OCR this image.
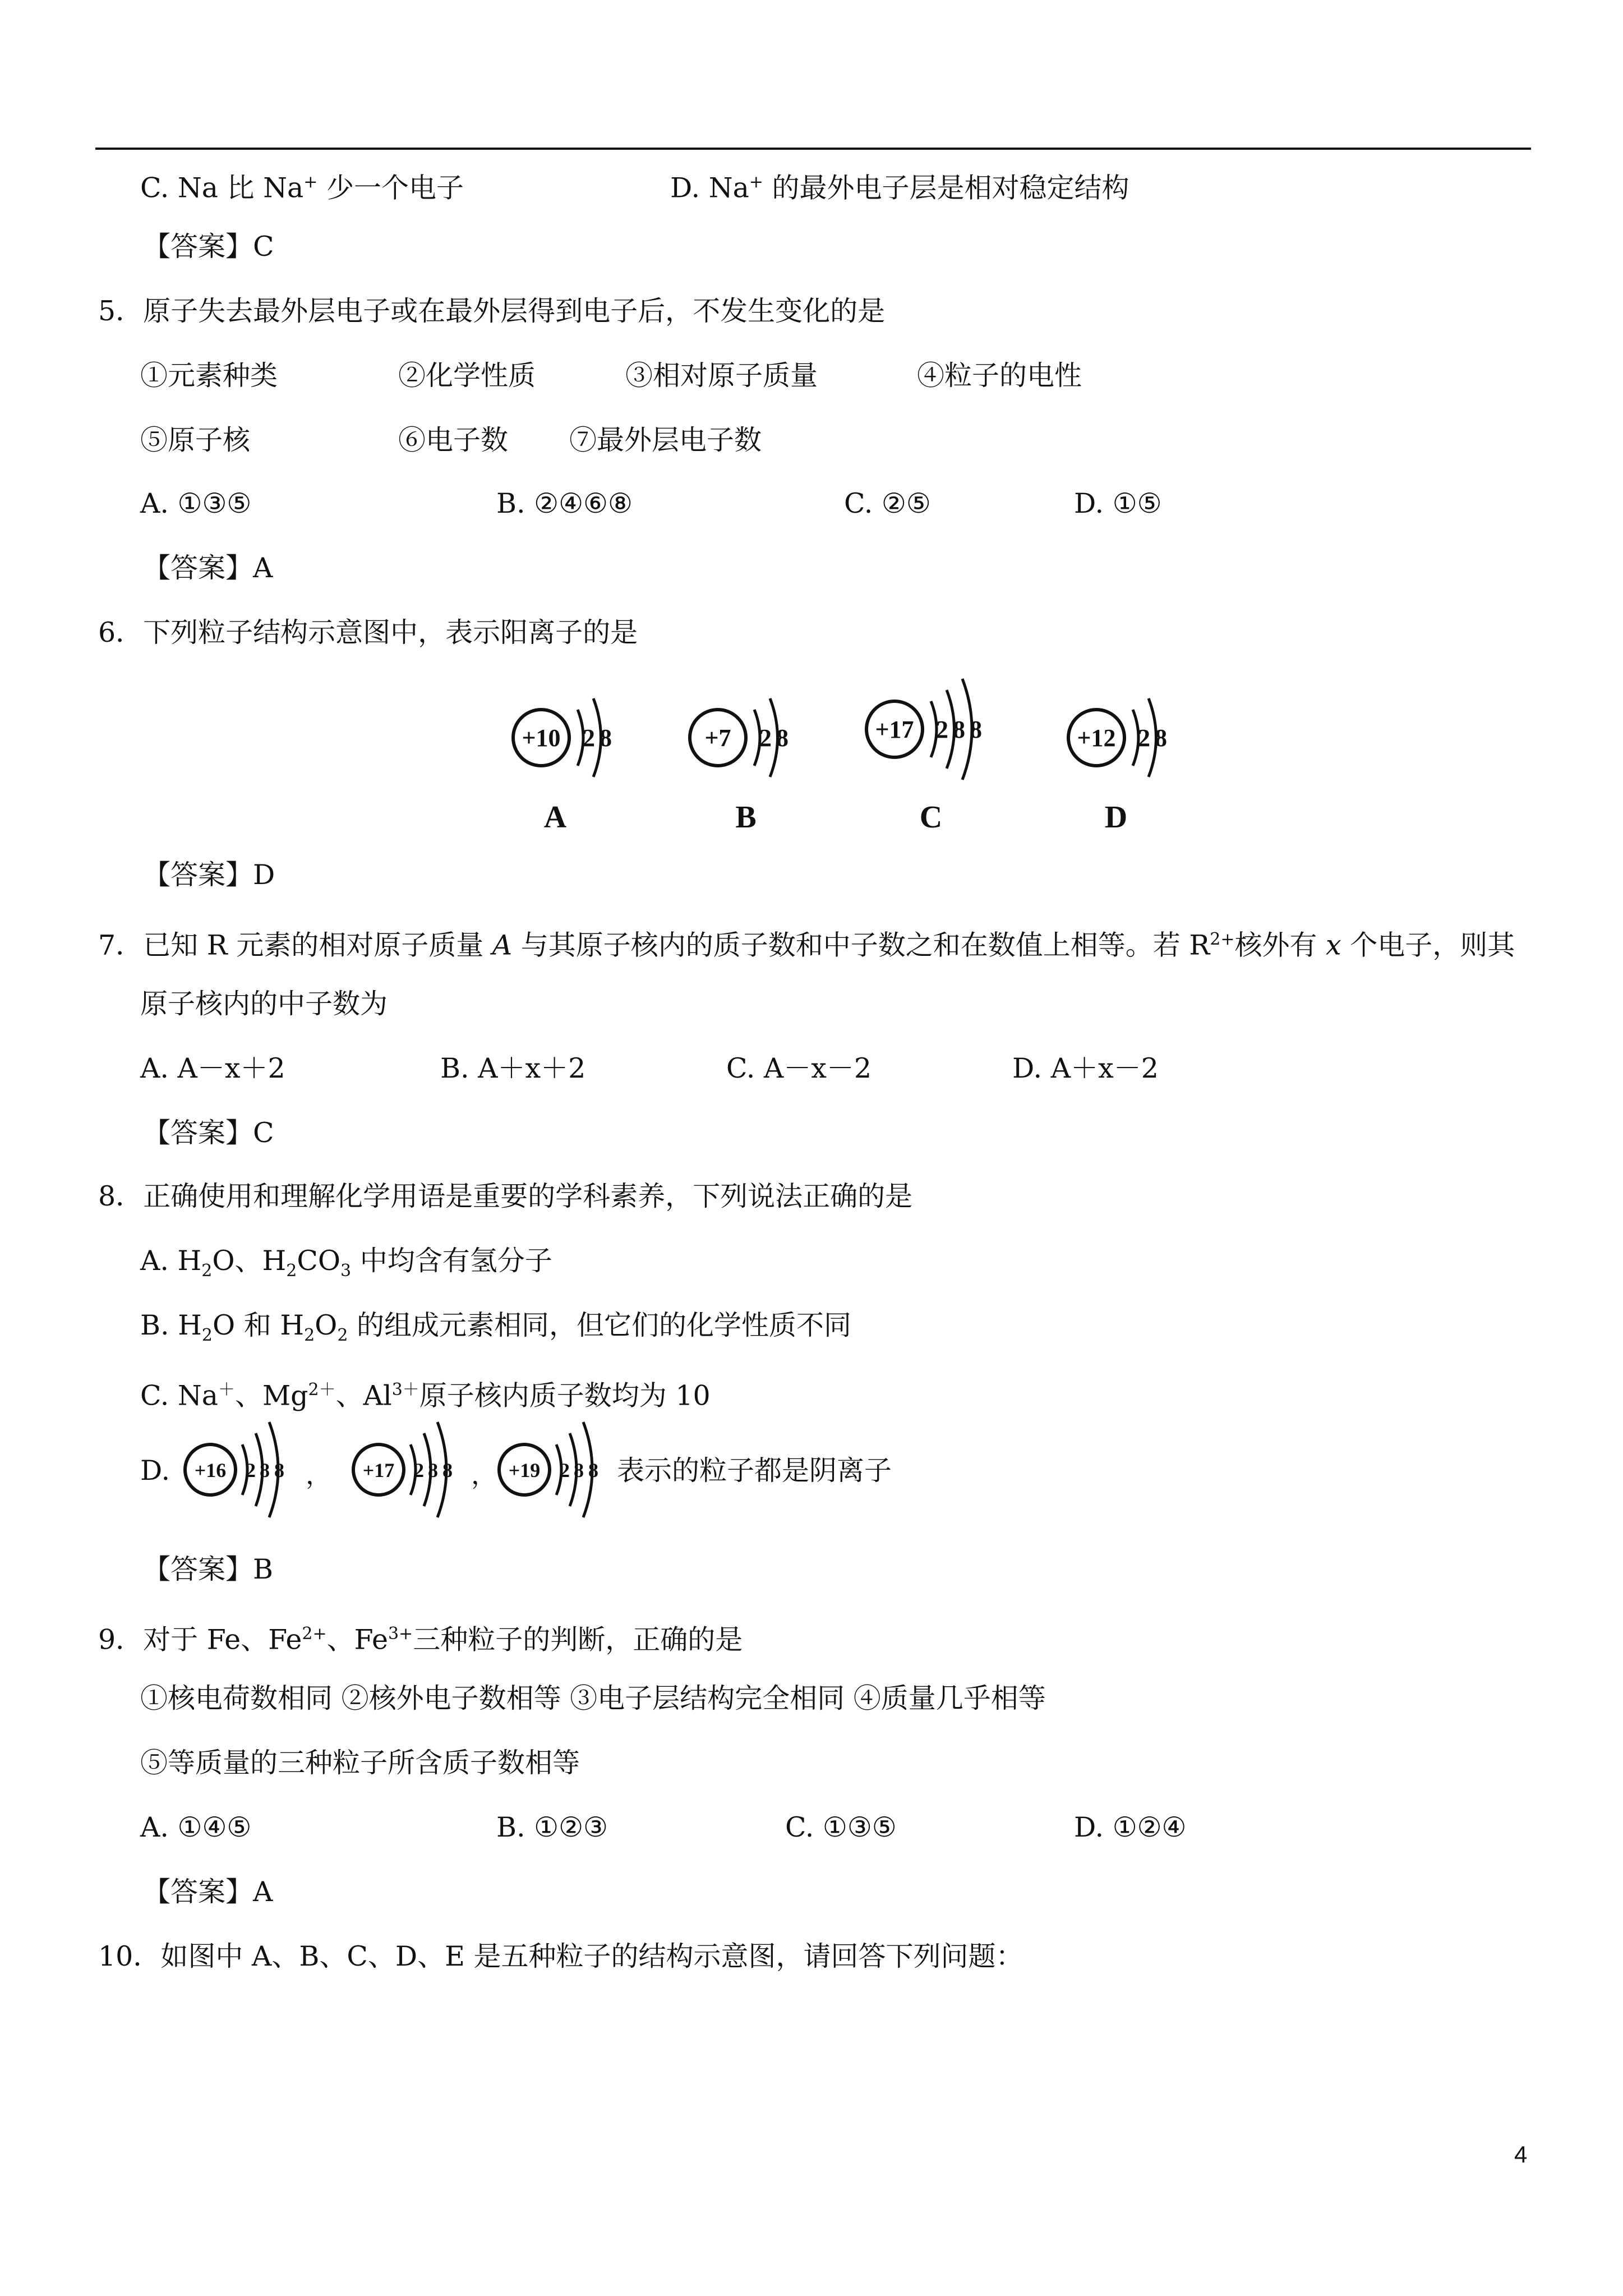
C. Na 比 Na+ 少一个电子	D. Na+ 的最外电子层是相对稳定结构
【答案】C
5．原子失去最外层电子或在最外层得到电子后，不发生变化的是
①元素种类	②化学性质	③相对原子质量	④粒子的电性
⑤原子核	⑥电子数 ⑦最外层电子数
A. ①③⑤	B. ②④⑥⑧	C. ②⑤	D. ①⑤
【答案】A
6．下列粒子结构示意图中，表示阳离子的是
+10 2 8
A
+7 2 8
B
+17 2 8 8
C
+12 2 8
D
【答案】D
7．已知 R 元素的相对原子质量 A 与其原子核内的质子数和中子数之和在数值上相等。若 $R^{2+}$核外有 x 个电子，则其
原子核内的中子数为
A. A－x＋2	B. A＋x＋2	C. A－x－2	D. A＋x－2
【答案】C
8．正确使用和理解化学用语是重要的学科素养，下列说法正确的是
A. $H_2O$、$H_2CO_3$ 中均含有氢分子
B. $H_2O$ 和 $H_2O_2$ 的组成元素相同，但它们的化学性质不同
C. Na＋、$Mg^{2+}$、$Al^{3+}$原子核内质子数均为 10
D. +16 2 8 8 ， +17 2 8 8 ， +19 2 8 8 表示的粒子都是阴离子
【答案】B
9．对于 Fe、$Fe^{2+}$、$Fe^{3+}$三种粒子的判断，正确的是
①核电荷数相同 ②核外电子数相等 ③电子层结构完全相同 ④质量几乎相等
⑤等质量的三种粒子所含质子数相等
A. ①④⑤	B. ①②③	C. ①③⑤	D. ①②④
【答案】A
10．如图中 A、B、C、D、E 是五种粒子的结构示意图，请回答下列问题：
4
